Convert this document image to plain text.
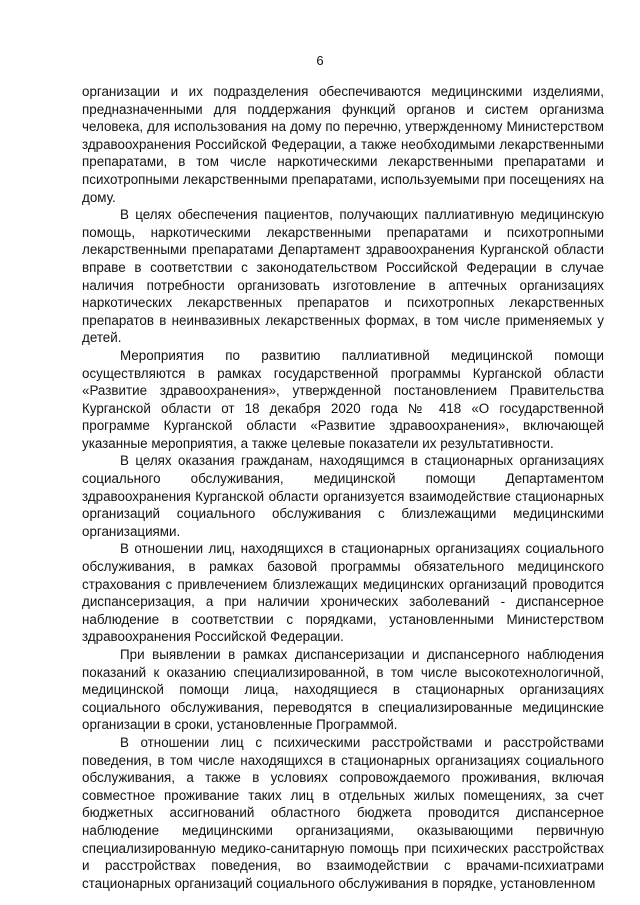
6

организации и их подразделения обеспечиваются медицинскими изделиями, предназначенными для поддержания функций органов и систем организма человека, для использования на дому по перечню, утвержденному Министерством здравоохранения Российской Федерации, а также необходимыми лекарственными препаратами, в том числе наркотическими лекарственными препаратами и психотропными лекарственными препаратами, используемыми при посещениях на дому.

В целях обеспечения пациентов, получающих паллиативную медицинскую помощь, наркотическими лекарственными препаратами и психотропными лекарственными препаратами Департамент здравоохранения Курганской области вправе в соответствии с законодательством Российской Федерации в случае наличия потребности организовать изготовление в аптечных организациях наркотических лекарственных препаратов и психотропных лекарственных препаратов в неинвазивных лекарственных формах, в том числе применяемых у детей.

Мероприятия по развитию паллиативной медицинской помощи осуществляются в рамках государственной программы Курганской области «Развитие здравоохранения», утвержденной постановлением Правительства Курганской области от 18 декабря 2020 года № 418 «О государственной программе Курганской области «Развитие здравоохранения», включающей указанные мероприятия, а также целевые показатели их результативности.

В целях оказания гражданам, находящимся в стационарных организациях социального обслуживания, медицинской помощи Департаментом здравоохранения Курганской области организуется взаимодействие стационарных организаций социального обслуживания с близлежащими медицинскими организациями.

В отношении лиц, находящихся в стационарных организациях социального обслуживания, в рамках базовой программы обязательного медицинского страхования с привлечением близлежащих медицинских организаций проводится диспансеризация, а при наличии хронических заболеваний - диспансерное наблюдение в соответствии с порядками, установленными Министерством здравоохранения Российской Федерации.

При выявлении в рамках диспансеризации и диспансерного наблюдения показаний к оказанию специализированной, в том числе высокотехнологичной, медицинской помощи лица, находящиеся в стационарных организациях социального обслуживания, переводятся в специализированные медицинские организации в сроки, установленные Программой.

В отношении лиц с психическими расстройствами и расстройствами поведения, в том числе находящихся в стационарных организациях социального обслуживания, а также в условиях сопровождаемого проживания, включая совместное проживание таких лиц в отдельных жилых помещениях, за счет бюджетных ассигнований областного бюджета проводится диспансерное наблюдение медицинскими организациями, оказывающими первичную специализированную медико-санитарную помощь при психических расстройствах и расстройствах поведения, во взаимодействии с врачами-психиатрами стационарных организаций социального обслуживания в порядке, установленном
